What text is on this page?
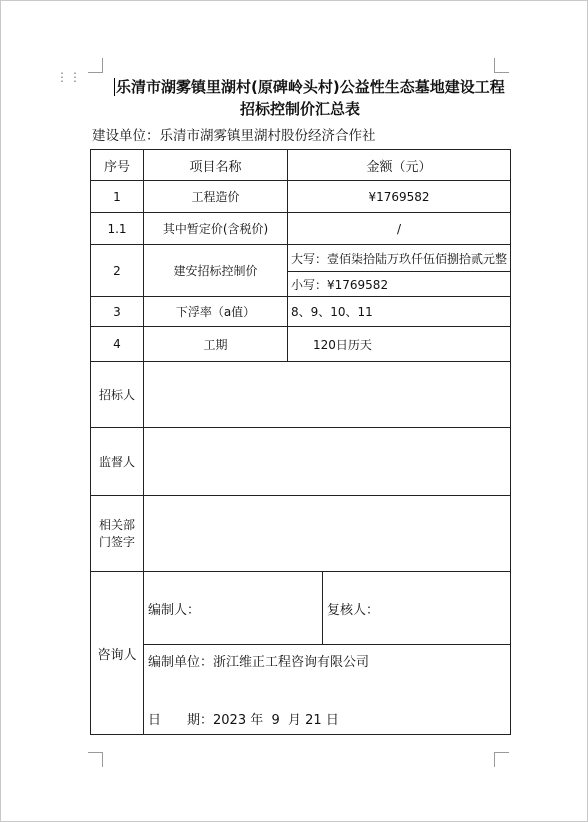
⋮⋮
乐清市湖雾镇里湖村(原碑岭头村)公益性生态墓地建设工程
招标控制价汇总表
建设单位：乐清市湖雾镇里湖村股份经济合作社
序号	项目名称	金额（元）
1	工程造价	¥1769582
1.1	其中暂定价(含税价)	/
2	建安招标控制价
大写：壹佰柒拾陆万玖仟伍佰捌拾贰元整
小写：¥1769582
3	下浮率（a值）	8、9、10、11
4	工期	120日历天
招标人
监督人
相关部
门签字
咨询人
编制人：	复核人：
编制单位：浙江维正工程咨询有限公司
日　　期：2023 年  9  月 21 日
